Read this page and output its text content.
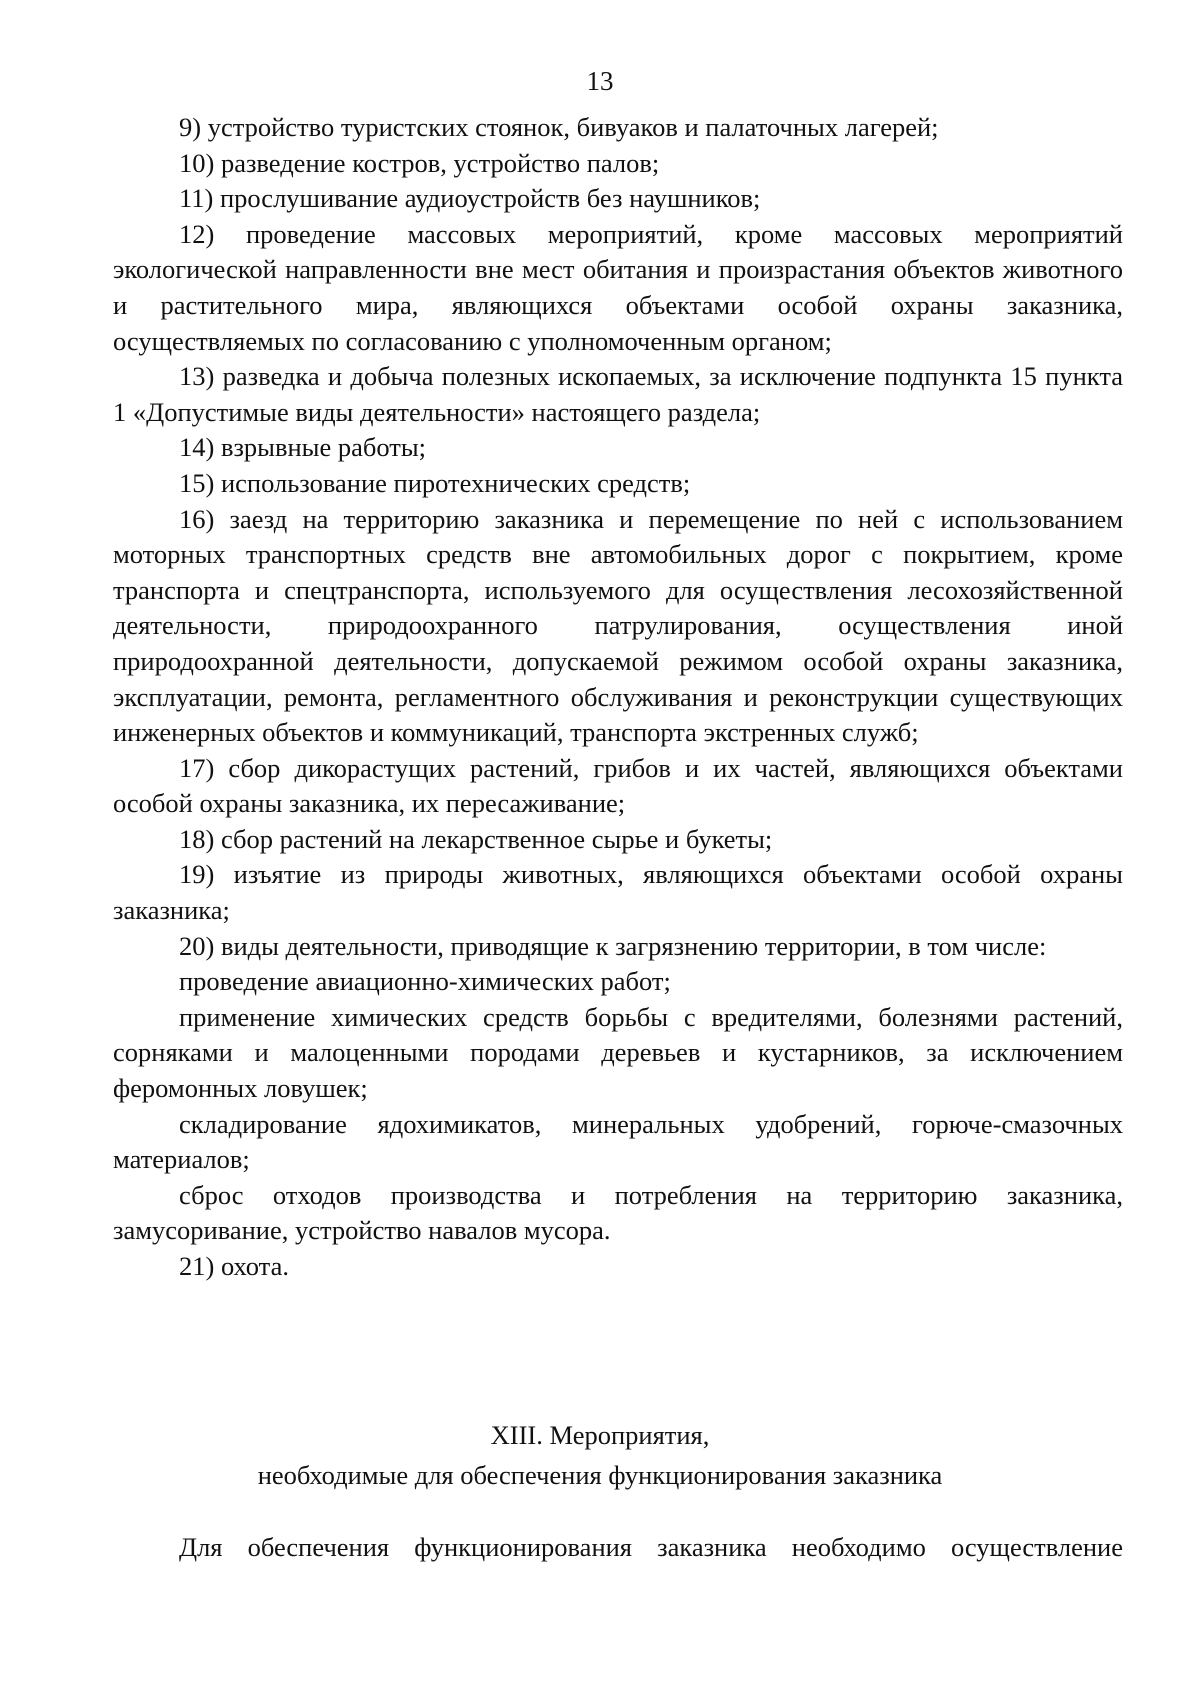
13

9) устройство туристских стоянок, бивуаков и палаточных лагерей;

10) разведение костров, устройство палов;

11) прослушивание аудиоустройств без наушников;

12) проведение массовых мероприятий, кроме массовых мероприятий экологической направленности вне мест обитания и произрастания объектов животного и растительного мира, являющихся объектами особой охраны заказника, осуществляемых по согласованию с уполномоченным органом;

13) разведка и добыча полезных ископаемых, за исключение подпункта 15 пункта 1 «Допустимые виды деятельности» настоящего раздела;

14) взрывные работы;

15) использование пиротехнических средств;

16) заезд на территорию заказника и перемещение по ней с использованием моторных транспортных средств вне автомобильных дорог с покрытием, кроме транспорта и спецтранспорта, используемого для осуществления лесохозяйственной деятельности, природоохранного патрулирования, осуществления иной природоохранной деятельности, допускаемой режимом особой охраны заказника, эксплуатации, ремонта, регламентного обслуживания и реконструкции существующих инженерных объектов и коммуникаций, транспорта экстренных служб;

17) сбор дикорастущих растений, грибов и их частей, являющихся объектами особой охраны заказника, их пересаживание;

18) сбор растений на лекарственное сырье и букеты;

19) изъятие из природы животных, являющихся объектами особой охраны заказника;

20) виды деятельности, приводящие к загрязнению территории, в том числе:

проведение авиационно-химических работ;

применение химических средств борьбы с вредителями, болезнями растений, сорняками и малоценными породами деревьев и кустарников, за исключением феромонных ловушек;

складирование ядохимикатов, минеральных удобрений, горюче-смазочных материалов;

сброс отходов производства и потребления на территорию заказника, замусоривание, устройство навалов мусора.

21) охота.

XIII. Мероприятия,
необходимые для обеспечения функционирования заказника

Для обеспечения функционирования заказника необходимо осуществление
